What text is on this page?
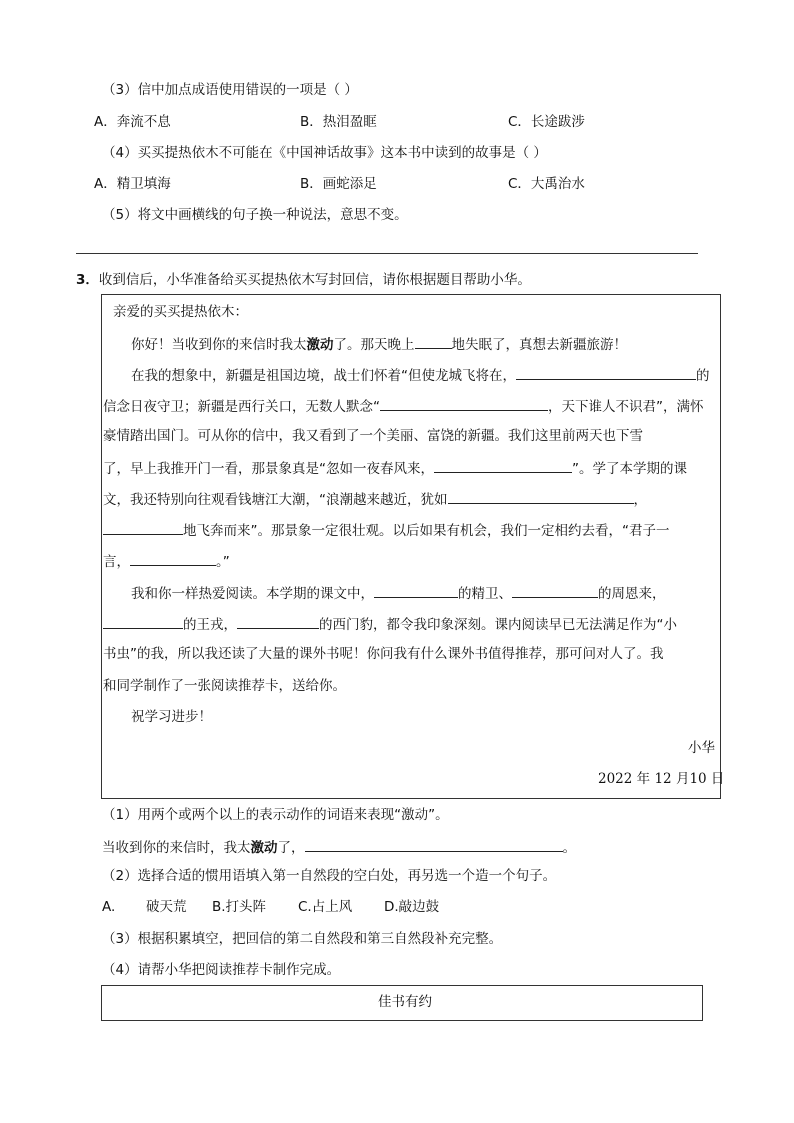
（3）信中加点成语使用错误的一项是（ ）
A．奔流不息	B．热泪盈眶	C．长途跋涉
（4）买买提热依木不可能在《中国神话故事》这本书中读到的故事是（ ）
A．精卫填海	B．画蛇添足	C．大禹治水
（5）将文中画横线的句子换一种说法，意思不变。
3．收到信后，小华准备给买买提热依木写封回信，请你根据题目帮助小华。
亲爱的买买提热依木：
你好！当收到你的来信时我太激动了。那天晚上	地失眠了，真想去新疆旅游！
在我的想象中，新疆是祖国边境，战士们怀着“但使龙城飞将在，	的
信念日夜守卫；新疆是西行关口，无数人默念“	，天下谁人不识君”，满怀
豪情踏出国门。可从你的信中，我又看到了一个美丽、富饶的新疆。我们这里前两天也下雪
了，早上我推开门一看，那景象真是“忽如一夜春风来，	”。学了本学期的课
文，我还特别向往观看钱塘江大潮，“浪潮越来越近，犹如	，
地飞奔而来”。那景象一定很壮观。以后如果有机会，我们一定相约去看，“君子一
言，	。”
我和你一样热爱阅读。本学期的课文中，	的精卫、	的周恩来，
的王戎，	的西门豹，都令我印象深刻。课内阅读早已无法满足作为“小
书虫”的我，所以我还读了大量的课外书呢！你问我有什么课外书值得推荐，那可问对人了。我
和同学制作了一张阅读推荐卡，送给你。
祝学习进步！
小华
2022 年 12 月10 日
（1）用两个或两个以上的表示动作的词语来表现“激动”。
当收到你的来信时，我太激动了，	。
（2）选择合适的惯用语填入第一自然段的空白处，再另选一个造一个句子。
A. 破天荒 B.打头阵 C.占上风 D.敲边鼓
（3）根据积累填空，把回信的第二自然段和第三自然段补充完整。
（4）请帮小华把阅读推荐卡制作完成。
佳书有约
